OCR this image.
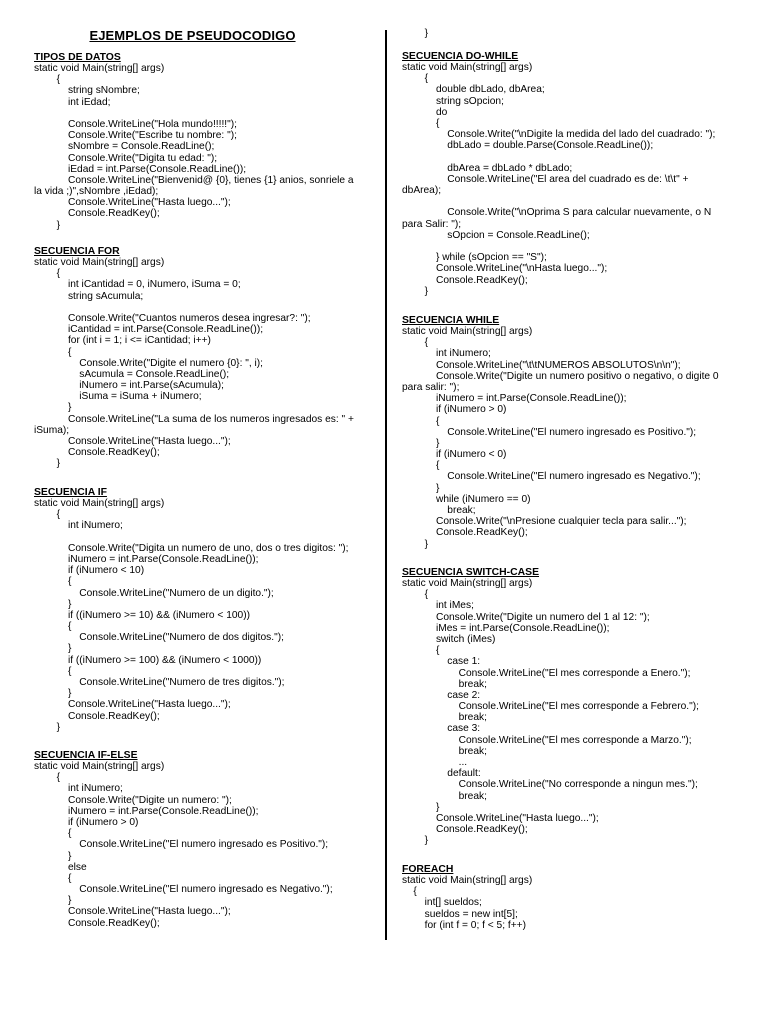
EJEMPLOS DE PSEUDOCODIGO
TIPOS DE DATOS
static void Main(string[] args)
{
string sNombre;
int iEdad;
Console.WriteLine("Hola mundo!!!!!");
Console.Write("Escribe tu nombre: ");
sNombre = Console.ReadLine();
Console.Write("Digita tu edad: ");
iEdad = int.Parse(Console.ReadLine());
Console.WriteLine("Bienvenid@ {0}, tienes {1} anios, sonriele a
la vida ;)",sNombre ,iEdad);
Console.WriteLine("Hasta luego...");
Console.ReadKey();
}
SECUENCIA FOR
static void Main(string[] args)
{
int iCantidad = 0, iNumero, iSuma = 0;
string sAcumula;
Console.Write("Cuantos numeros desea ingresar?: ");
iCantidad = int.Parse(Console.ReadLine());
for (int i = 1; i <= iCantidad; i++)
{
Console.Write("Digite el numero {0}: ", i);
sAcumula = Console.ReadLine();
iNumero = int.Parse(sAcumula);
iSuma = iSuma + iNumero;
}
Console.WriteLine("La suma de los numeros ingresados es: " +
iSuma);
Console.WriteLine("Hasta luego...");
Console.ReadKey();
}
SECUENCIA IF
static void Main(string[] args)
{
int iNumero;
Console.Write("Digita un numero de uno, dos o tres digitos: ");
iNumero = int.Parse(Console.ReadLine());
if (iNumero < 10)
{
Console.WriteLine("Numero de un digito.");
}
if ((iNumero >= 10) && (iNumero < 100))
{
Console.WriteLine("Numero de dos digitos.");
}
if ((iNumero >= 100) && (iNumero < 1000))
{
Console.WriteLine("Numero de tres digitos.");
}
Console.WriteLine("Hasta luego...");
Console.ReadKey();
}
SECUENCIA IF-ELSE
static void Main(string[] args)
{
int iNumero;
Console.Write("Digite un numero: ");
iNumero = int.Parse(Console.ReadLine());
if (iNumero > 0)
{
Console.WriteLine("El numero ingresado es Positivo.");
}
else
{
Console.WriteLine("El numero ingresado es Negativo.");
}
Console.WriteLine("Hasta luego...");
Console.ReadKey();
}
SECUENCIA DO-WHILE
static void Main(string[] args)
{
double dbLado, dbArea;
string sOpcion;
do
{
Console.Write("\nDigite la medida del lado del cuadrado: ");
dbLado = double.Parse(Console.ReadLine());
dbArea = dbLado * dbLado;
Console.WriteLine("El area del cuadrado es de: \t\t" +
dbArea);
Console.Write("\nOprima S para calcular nuevamente, o N
para Salir: ");
sOpcion = Console.ReadLine();
} while (sOpcion == "S");
Console.WriteLine("\nHasta luego...");
Console.ReadKey();
}
SECUENCIA WHILE
static void Main(string[] args)
{
int iNumero;
Console.WriteLine("\t\tNUMEROS ABSOLUTOS\n\n");
Console.Write("Digite un numero positivo o negativo, o digite 0
para salir: ");
iNumero = int.Parse(Console.ReadLine());
if (iNumero > 0)
{
Console.WriteLine("El numero ingresado es Positivo.");
}
if (iNumero < 0)
{
Console.WriteLine("El numero ingresado es Negativo.");
}
while (iNumero == 0)
break;
Console.Write("\nPresione cualquier tecla para salir...");
Console.ReadKey();
}
SECUENCIA SWITCH-CASE
static void Main(string[] args)
{
int iMes;
Console.Write("Digite un numero del 1 al 12: ");
iMes = int.Parse(Console.ReadLine());
switch (iMes)
{
case 1:
Console.WriteLine("El mes corresponde a Enero.");
break;
case 2:
Console.WriteLine("El mes corresponde a Febrero.");
break;
case 3:
Console.WriteLine("El mes corresponde a Marzo.");
break;
...
default:
Console.WriteLine("No corresponde a ningun mes.");
break;
}
Console.WriteLine("Hasta luego...");
Console.ReadKey();
}
FOREACH
static void Main(string[] args)
{
int[] sueldos;
sueldos = new int[5];
for (int f = 0; f < 5; f++)
